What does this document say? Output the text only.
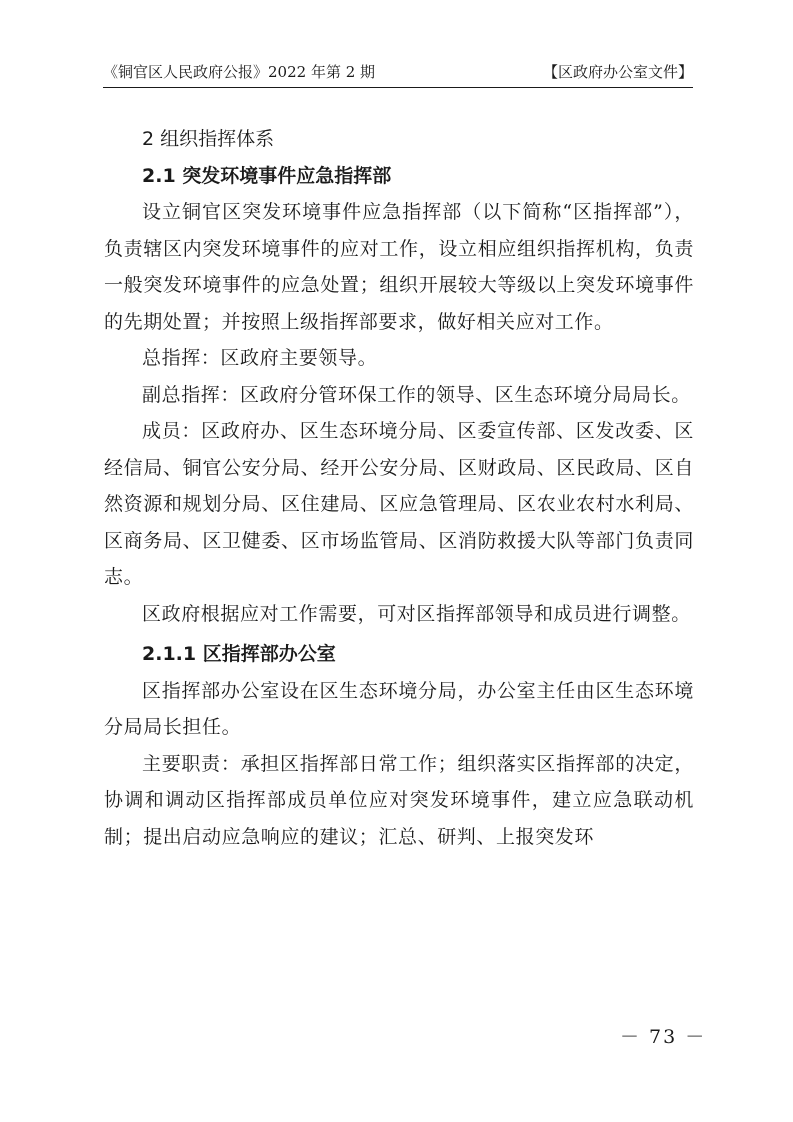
《铜官区人民政府公报》2022 年第 2 期	【区政府办公室文件】
2 组织指挥体系
2.1 突发环境事件应急指挥部

设立铜官区突发环境事件应急指挥部（以下简称“区指挥部”），负责辖区内突发环境事件的应对工作，设立相应组织指挥机构，负责一般突发环境事件的应急处置；组织开展较大等级以上突发环境事件的先期处置；并按照上级指挥部要求，做好相关应对工作。

总指挥：区政府主要领导。

副总指挥：区政府分管环保工作的领导、区生态环境分局局长。

成员：区政府办、区生态环境分局、区委宣传部、区发改委、区经信局、铜官公安分局、经开公安分局、区财政局、区民政局、区自然资源和规划分局、区住建局、区应急管理局、区农业农村水利局、区商务局、区卫健委、区市场监管局、区消防救援大队等部门负责同志。

区政府根据应对工作需要，可对区指挥部领导和成员进行调整。

2.1.1 区指挥部办公室

区指挥部办公室设在区生态环境分局，办公室主任由区生态环境分局局长担任。

主要职责：承担区指挥部日常工作；组织落实区指挥部的决定，协调和调动区指挥部成员单位应对突发环境事件，建立应急联动机制；提出启动应急响应的建议；汇总、研判、上报突发环

－ 73 －
